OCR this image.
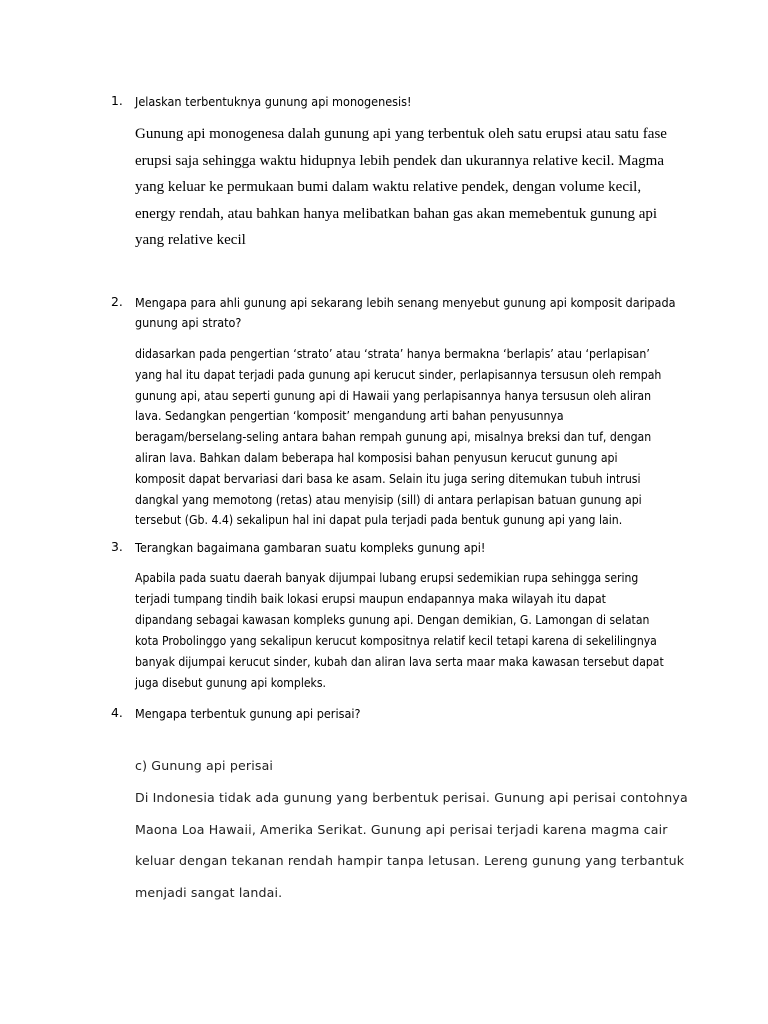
1. Jelaskan terbentuknya gunung api monogenesis!
Gunung api monogenesa dalah gunung api yang terbentuk oleh satu erupsi atau satu fase
erupsi saja sehingga waktu hidupnya lebih pendek dan ukurannya relative kecil. Magma
yang keluar ke permukaan bumi dalam waktu relative pendek, dengan volume kecil,
energy rendah, atau bahkan hanya melibatkan bahan gas akan memebentuk gunung api
yang relative kecil
2. Mengapa para ahli gunung api sekarang lebih senang menyebut gunung api komposit daripada
gunung api strato?
didasarkan pada pengertian ‘strato’ atau ‘strata’ hanya bermakna ‘berlapis’ atau ‘perlapisan’
yang hal itu dapat terjadi pada gunung api kerucut sinder, perlapisannya tersusun oleh rempah
gunung api, atau seperti gunung api di Hawaii yang perlapisannya hanya tersusun oleh aliran
lava. Sedangkan pengertian ‘komposit’ mengandung arti bahan penyusunnya
beragam/berselang-seling antara bahan rempah gunung api, misalnya breksi dan tuf, dengan
aliran lava. Bahkan dalam beberapa hal komposisi bahan penyusun kerucut gunung api
komposit dapat bervariasi dari basa ke asam. Selain itu juga sering ditemukan tubuh intrusi
dangkal yang memotong (retas) atau menyisip (sill) di antara perlapisan batuan gunung api
tersebut (Gb. 4.4) sekalipun hal ini dapat pula terjadi pada bentuk gunung api yang lain.
3. Terangkan bagaimana gambaran suatu kompleks gunung api!
Apabila pada suatu daerah banyak dijumpai lubang erupsi sedemikian rupa sehingga sering
terjadi tumpang tindih baik lokasi erupsi maupun endapannya maka wilayah itu dapat
dipandang sebagai kawasan kompleks gunung api. Dengan demikian, G. Lamongan di selatan
kota Probolinggo yang sekalipun kerucut kompositnya relatif kecil tetapi karena di sekelilingnya
banyak dijumpai kerucut sinder, kubah dan aliran lava serta maar maka kawasan tersebut dapat
juga disebut gunung api kompleks.
4. Mengapa terbentuk gunung api perisai?

c) Gunung api perisai

Di Indonesia tidak ada gunung yang berbentuk perisai. Gunung api perisai contohnya

Maona Loa Hawaii, Amerika Serikat. Gunung api perisai terjadi karena magma cair

keluar dengan tekanan rendah hampir tanpa letusan. Lereng gunung yang terbantuk

menjadi sangat landai.
